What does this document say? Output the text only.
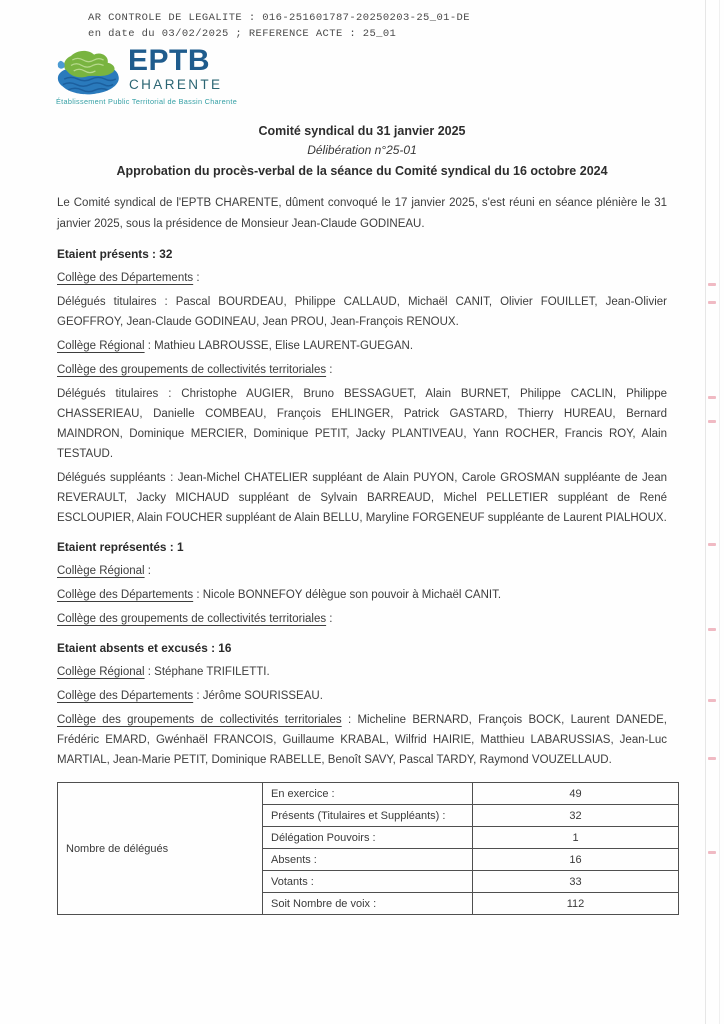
AR CONTROLE DE LEGALITE : 016-251601787-20250203-25_01-DE
en date du 03/02/2025 ; REFERENCE ACTE : 25_01
EPTB
CHARENTE
Établissement Public Territorial de Bassin Charente
Comité syndical du 31 janvier 2025
Délibération n°25-01
Approbation du procès-verbal de la séance du Comité syndical du 16 octobre 2024

Le Comité syndical de l'EPTB CHARENTE, dûment convoqué le 17 janvier 2025, s'est réuni en séance plénière le 31 janvier 2025, sous la présidence de Monsieur Jean-Claude GODINEAU.

Etaient présents : 32

Collège des Départements :

Délégués titulaires : Pascal BOURDEAU, Philippe CALLAUD, Michaël CANIT, Olivier FOUILLET, Jean-Olivier GEOFFROY, Jean-Claude GODINEAU, Jean PROU, Jean-François RENOUX.

Collège Régional : Mathieu LABROUSSE, Elise LAURENT-GUEGAN.

Collège des groupements de collectivités territoriales :

Délégués titulaires : Christophe AUGIER, Bruno BESSAGUET, Alain BURNET, Philippe CACLIN, Philippe CHASSERIEAU, Danielle COMBEAU, François EHLINGER, Patrick GASTARD, Thierry HUREAU, Bernard MAINDRON, Dominique MERCIER, Dominique PETIT, Jacky PLANTIVEAU, Yann ROCHER, Francis ROY, Alain TESTAUD.

Délégués suppléants : Jean-Michel CHATELIER suppléant de Alain PUYON, Carole GROSMAN suppléante de Jean REVERAULT, Jacky MICHAUD suppléant de Sylvain BARREAUD, Michel PELLETIER suppléant de René ESCLOUPIER, Alain FOUCHER suppléant de Alain BELLU, Maryline FORGENEUF suppléante de Laurent PIALHOUX.

Etaient représentés : 1

Collège Régional :

Collège des Départements : Nicole BONNEFOY délègue son pouvoir à Michaël CANIT.

Collège des groupements de collectivités territoriales :

Etaient absents et excusés : 16

Collège Régional : Stéphane TRIFILETTI.

Collège des Départements : Jérôme SOURISSEAU.

Collège des groupements de collectivités territoriales : Micheline BERNARD, François BOCK, Laurent DANEDE, Frédéric EMARD, Gwénhaël FRANCOIS, Guillaume KRABAL, Wilfrid HAIRIE, Matthieu LABARUSSIAS, Jean-Luc MARTIAL, Jean-Marie PETIT, Dominique RABELLE, Benoît SAVY, Pascal TARDY, Raymond VOUZELLAUD.

Nombre de délégués	En exercice :	49
	Présents (Titulaires et Suppléants) :	32
	Délégation Pouvoirs :	1
	Absents :	16
	Votants :	33
	Soit Nombre de voix :	112
